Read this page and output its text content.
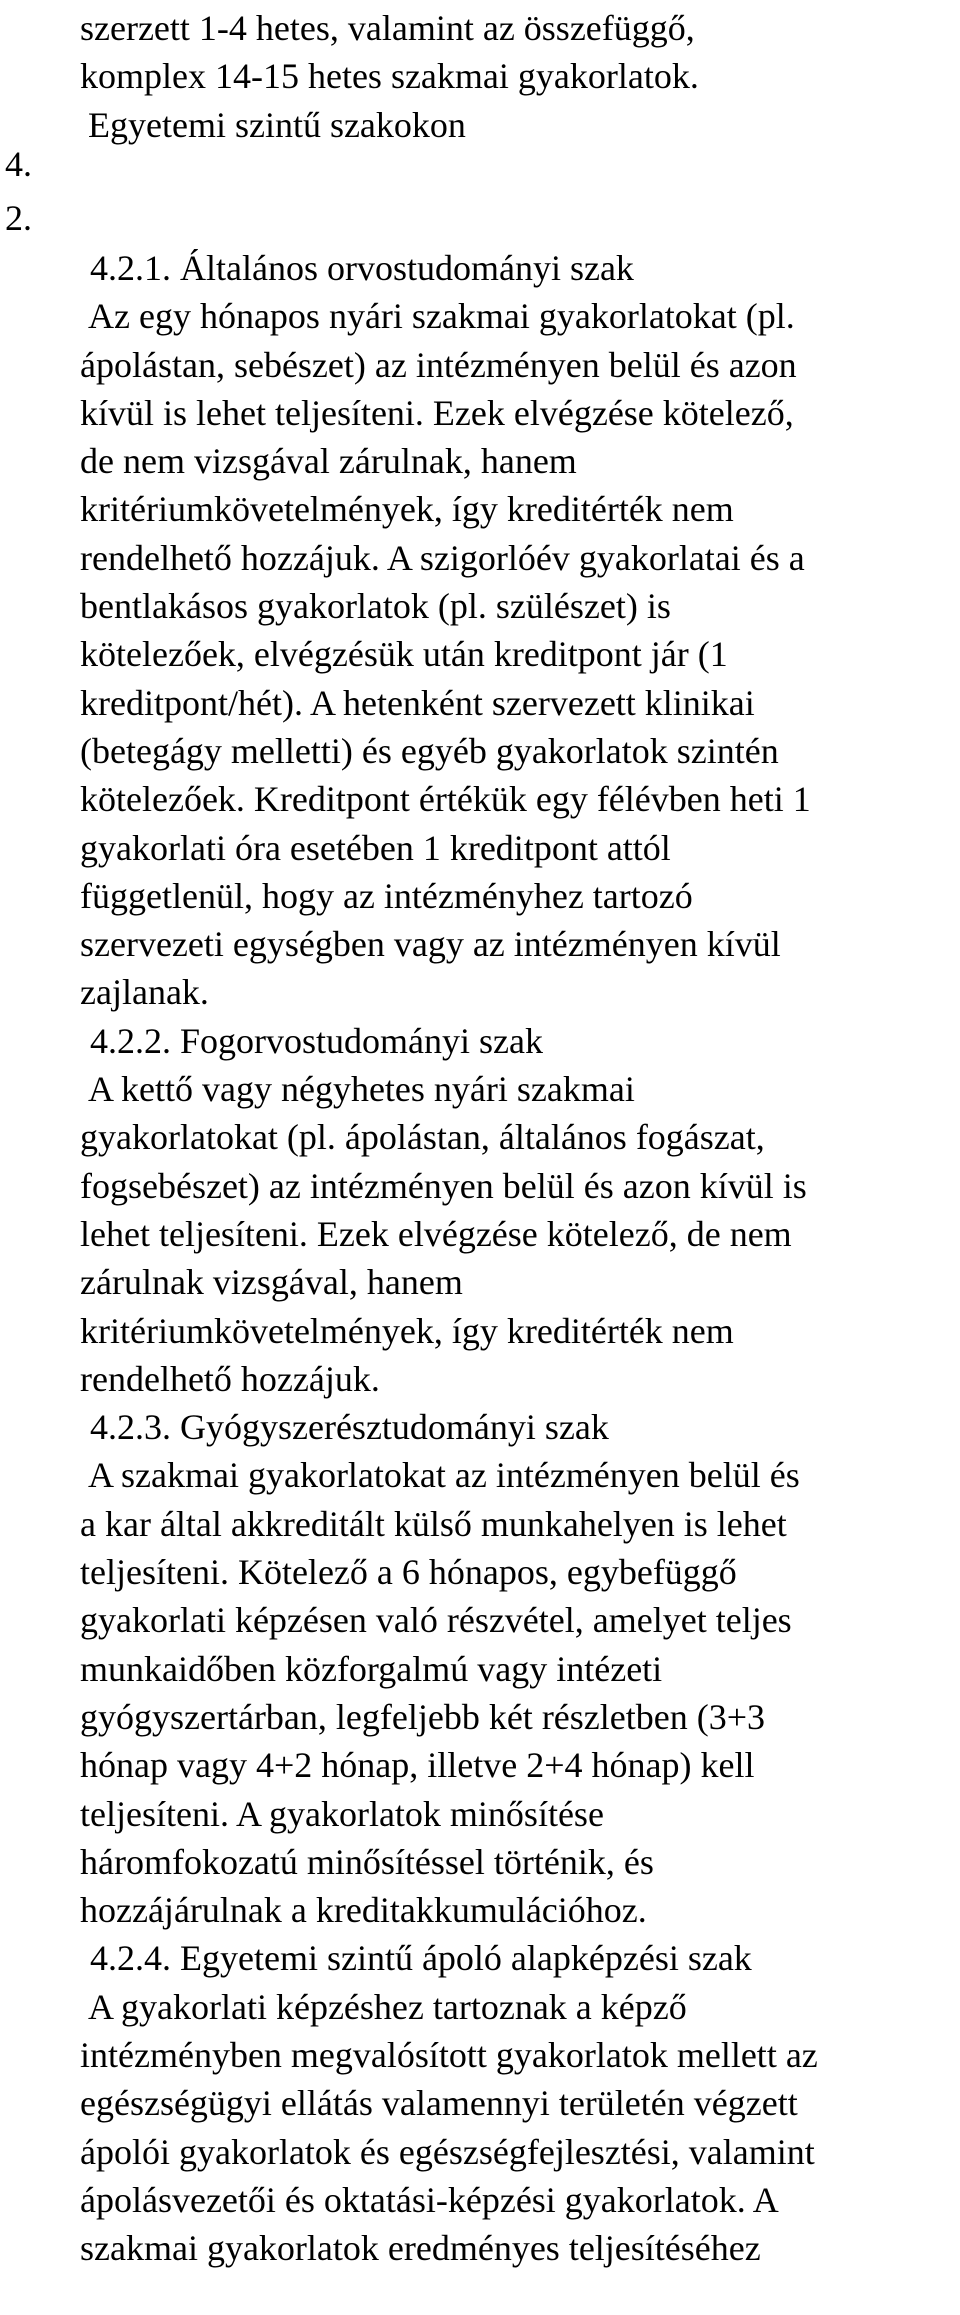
szerzett 1-4 hetes, valamint az összefüggő,
komplex 14-15 hetes szakmai gyakorlatok.
Egyetemi szintű szakokon
4.
2.
4.2.1. Általános orvostudományi szak
Az egy hónapos nyári szakmai gyakorlatokat (pl.
ápolástan, sebészet) az intézményen belül és azon
kívül is lehet teljesíteni. Ezek elvégzése kötelező,
de nem vizsgával zárulnak, hanem
kritériumkövetelmények, így kreditérték nem
rendelhető hozzájuk. A szigorlóév gyakorlatai és a
bentlakásos gyakorlatok (pl. szülészet) is
kötelezőek, elvégzésük után kreditpont jár (1
kreditpont/hét). A hetenként szervezett klinikai
(betegágy melletti) és egyéb gyakorlatok szintén
kötelezőek. Kreditpont értékük egy félévben heti 1
gyakorlati óra esetében 1 kreditpont attól
függetlenül, hogy az intézményhez tartozó
szervezeti egységben vagy az intézményen kívül
zajlanak.
4.2.2. Fogorvostudományi szak
A kettő vagy négyhetes nyári szakmai
gyakorlatokat (pl. ápolástan, általános fogászat,
fogsebészet) az intézményen belül és azon kívül is
lehet teljesíteni. Ezek elvégzése kötelező, de nem
zárulnak vizsgával, hanem
kritériumkövetelmények, így kreditérték nem
rendelhető hozzájuk.
4.2.3. Gyógyszerésztudományi szak
A szakmai gyakorlatokat az intézményen belül és
a kar által akkreditált külső munkahelyen is lehet
teljesíteni. Kötelező a 6 hónapos, egybefüggő
gyakorlati képzésen való részvétel, amelyet teljes
munkaidőben közforgalmú vagy intézeti
gyógyszertárban, legfeljebb két részletben (3+3
hónap vagy 4+2 hónap, illetve 2+4 hónap) kell
teljesíteni. A gyakorlatok minősítése
háromfokozatú minősítéssel történik, és
hozzájárulnak a kreditakkumulációhoz.
4.2.4. Egyetemi szintű ápoló alapképzési szak
A gyakorlati képzéshez tartoznak a képző
intézményben megvalósított gyakorlatok mellett az
egészségügyi ellátás valamennyi területén végzett
ápolói gyakorlatok és egészségfejlesztési, valamint
ápolásvezetői és oktatási-képzési gyakorlatok. A
szakmai gyakorlatok eredményes teljesítéséhez
